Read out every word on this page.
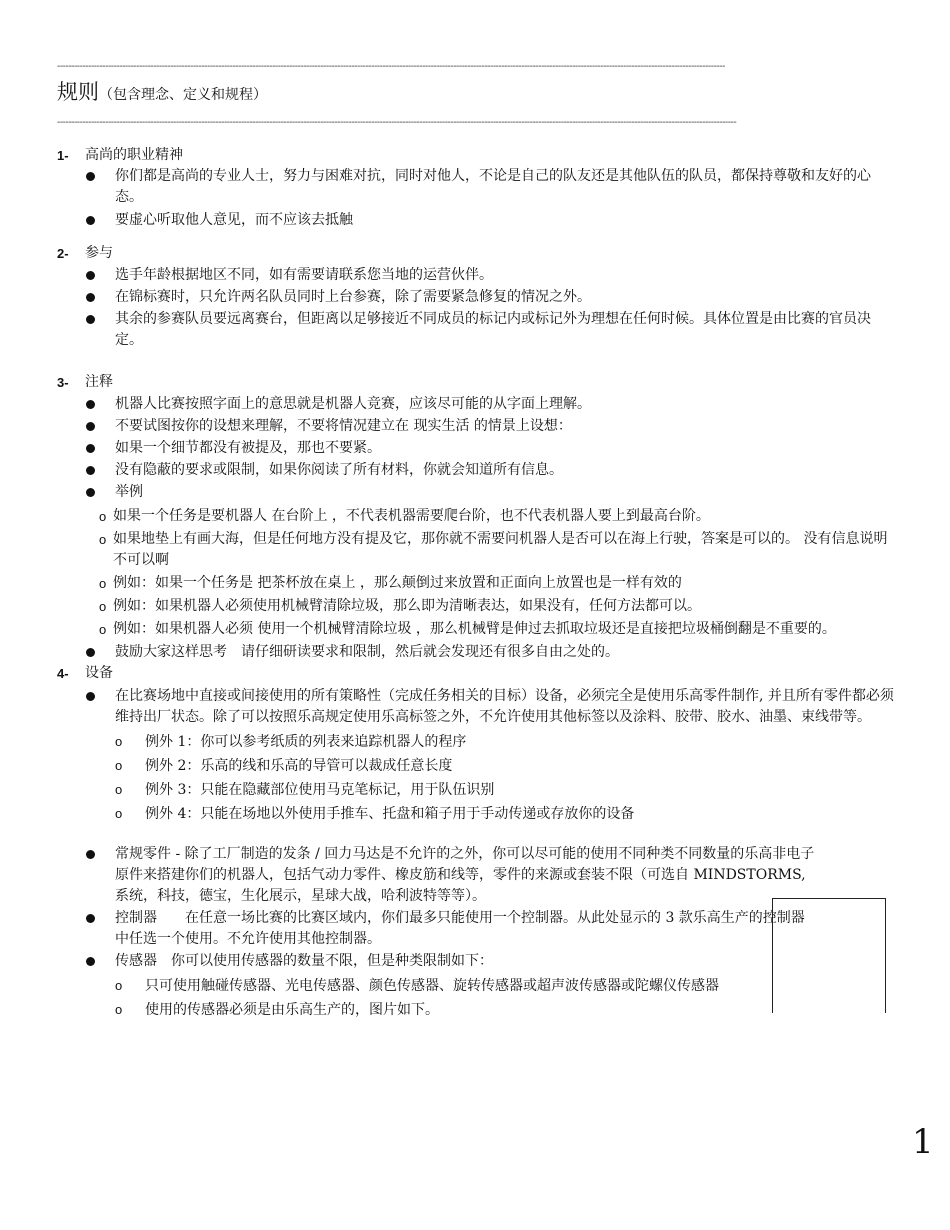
--------------------------------------------------------------------------------------------------------------------------------------------------------------------------------------------------------------------------------------------
规则（包含理念、定义和规程）
------------------------------------------------------------------------------------------------------------------------------------------------------------------------------------------------------------------------------------------------
1- 高尚的职业精神
你们都是高尚的专业人士，努力与困难对抗，同时对他人，不论是自己的队友还是其他队伍的队员，都保持尊敬和友好的心态。
要虚心听取他人意见，而不应该去抵触
2- 参与
选手年龄根据地区不同，如有需要请联系您当地的运营伙伴。
在锦标赛时，只允许两名队员同时上台参赛，除了需要紧急修复的情况之外。
其余的参赛队员要远离赛台，但距离以足够接近不同成员的标记内或标记外为理想在任何时候。具体位置是由比赛的官员决定。
3- 注释
机器人比赛按照字面上的意思就是机器人竞赛，应该尽可能的从字面上理解。
不要试图按你的设想来理解，不要将情况建立在 现实生活 的情景上设想：
如果一个细节都没有被提及，那也不要紧。
没有隐蔽的要求或限制，如果你阅读了所有材料，你就会知道所有信息。
举例
o 如果一个任务是要机器人 在台阶上 ，不代表机器需要爬台阶，也不代表机器人要上到最高台阶。
o 如果地垫上有画大海，但是任何地方没有提及它，那你就不需要问机器人是否可以在海上行驶，答案是可以的。 没有信息说明不可以啊
o 例如：如果一个任务是 把茶杯放在桌上 ，那么颠倒过来放置和正面向上放置也是一样有效的
o 例如：如果机器人必须使用机械臂清除垃圾，那么即为清晰表达，如果没有，任何方法都可以。
o 例如：如果机器人必须 使用一个机械臂清除垃圾 ，那么机械臂是伸过去抓取垃圾还是直接把垃圾桶倒翻是不重要的。
鼓励大家这样思考　请仔细研读要求和限制，然后就会发现还有很多自由之处的。
4- 设备
在比赛场地中直接或间接使用的所有策略性（完成任务相关的目标）设备，必须完全是使用乐高零件制作, 并且所有零件都必须维持出厂状态。除了可以按照乐高规定使用乐高标签之外，不允许使用其他标签以及涂料、胶带、胶水、油墨、束线带等。
o 例外 1：你可以参考纸质的列表来追踪机器人的程序
o 例外 2：乐高的线和乐高的导管可以裁成任意长度
o 例外 3：只能在隐藏部位使用马克笔标记，用于队伍识别
o 例外 4：只能在场地以外使用手推车、托盘和箱子用于手动传递或存放你的设备
常规零件 - 除了工厂制造的发条 / 回力马达是不允许的之外，你可以尽可能的使用不同种类不同数量的乐高非电子原件来搭建你们的机器人，包括气动力零件、橡皮筋和线等，零件的来源或套装不限（可选自 MINDSTORMS, 系统，科技，德宝，生化展示，星球大战，哈利波特等等）。
控制器　　在任意一场比赛的比赛区域内，你们最多只能使用一个控制器。从此处显示的 3 款乐高生产的控制器中任选一个使用。不允许使用其他控制器。
传感器　你可以使用传感器的数量不限，但是种类限制如下：
o 只可使用触碰传感器、光电传感器、颜色传感器、旋转传感器或超声波传感器或陀螺仪传感器
o 使用的传感器必须是由乐高生产的，图片如下。
1
